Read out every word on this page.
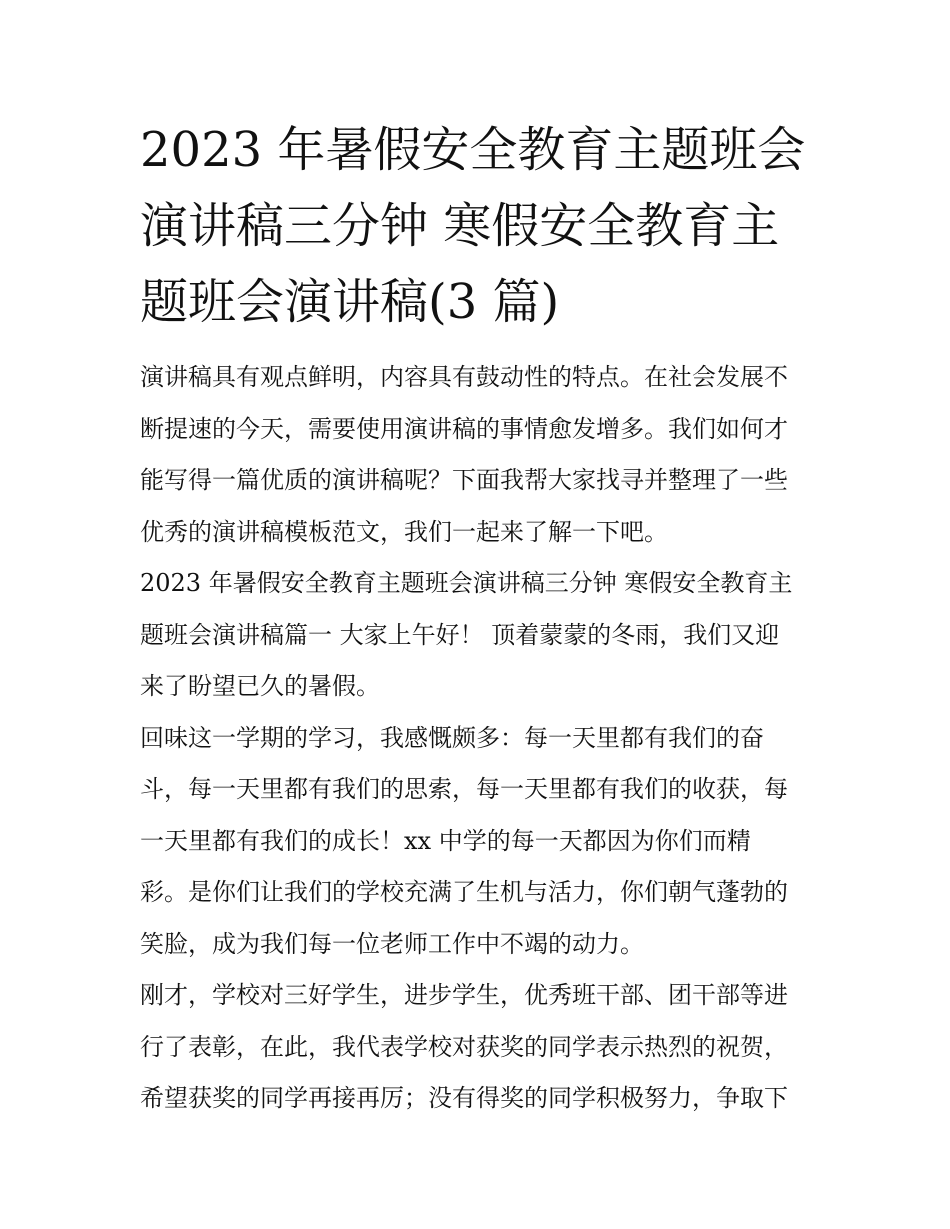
2023 年暑假安全教育主题班会
演讲稿三分钟 寒假安全教育主
题班会演讲稿(3 篇)
演讲稿具有观点鲜明，内容具有鼓动性的特点。在社会发展不
断提速的今天，需要使用演讲稿的事情愈发增多。我们如何才
能写得一篇优质的演讲稿呢？下面我帮大家找寻并整理了一些
优秀的演讲稿模板范文，我们一起来了解一下吧。
2023 年暑假安全教育主题班会演讲稿三分钟 寒假安全教育主
题班会演讲稿篇一 大家上午好！ 顶着蒙蒙的冬雨，我们又迎
来了盼望已久的暑假。
回味这一学期的学习，我感慨颇多：每一天里都有我们的奋
斗，每一天里都有我们的思索，每一天里都有我们的收获，每
一天里都有我们的成长！xx 中学的每一天都因为你们而精
彩。是你们让我们的学校充满了生机与活力，你们朝气蓬勃的
笑脸，成为我们每一位老师工作中不竭的动力。
刚才，学校对三好学生，进步学生，优秀班干部、团干部等进
行了表彰，在此，我代表学校对获奖的同学表示热烈的祝贺，
希望获奖的同学再接再厉；没有得奖的同学积极努力，争取下
